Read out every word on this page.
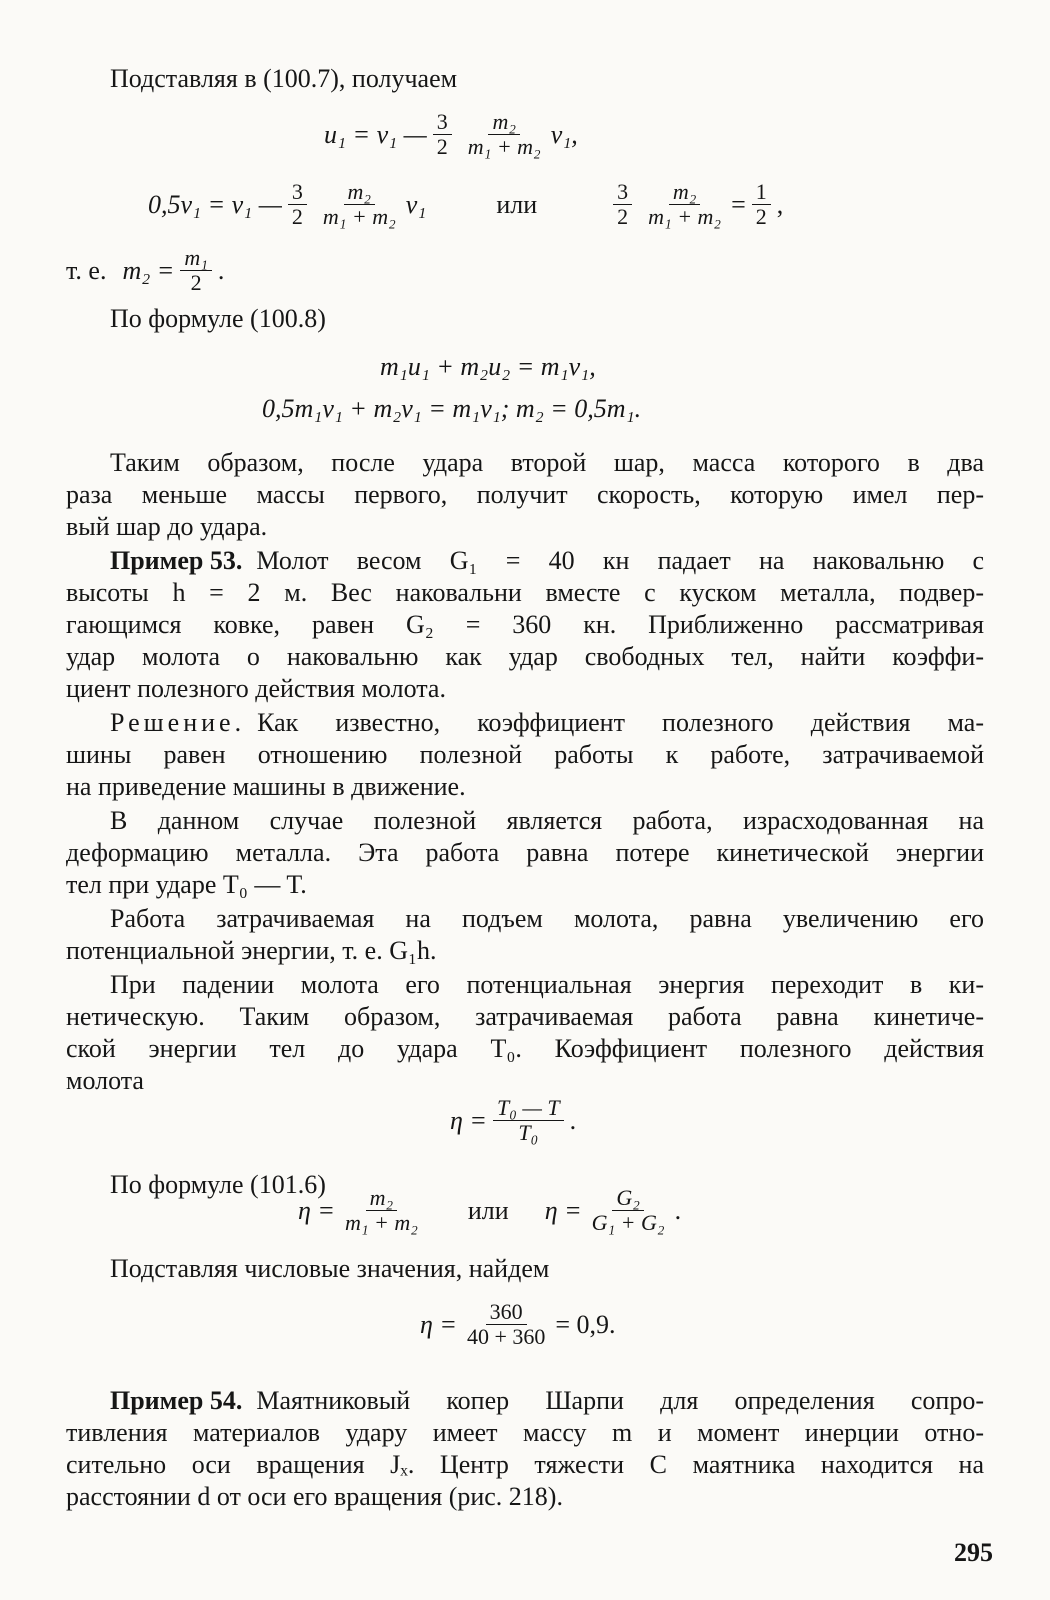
Подставляя в (100.7), получаем
u₁ = v₁ — $\frac{3}{2} \frac{\text{m₂}}{\text{m₁ + m₂}} v_1$,
0,5v₁ = v₁ — $\frac{3}{2} \frac{\text{m₂}}{\text{m₁ + m₂}} v_1$	или	$\frac{3}{2} \frac{\text{m₂}}{\text{m₁ + m₂}} = \frac{1}{2}$ ,
т. е. $m_2 = \frac{\text{m₁}}{2}$ .
По формуле (100.8)
m₁u₁ + m₂u₂ = m₁v₁,
0,5m₁v₁ + m₂v₁ = m₁v₁; m₂ = 0,5m₁.
Таким образом, после удара второй шар, масса которого в два
раза меньше массы первого, получит скорость, которую имел пер-
вый шар до удара.
Пример 53. Молот весом G₁ = 40 кн падает на наковальню с
высоты h = 2 м. Вес наковальни вместе с куском металла, подвер-
гающимся ковке, равен G₂ = 360 кн. Приближенно рассматривая
удар молота о наковальню как удар свободных тел, найти коэффи-
циент полезного действия молота.
Решение. Как известно, коэффициент полезного действия ма-
шины равен отношению полезной работы к работе, затрачиваемой
на приведение машины в движение.
В данном случае полезной является работа, израсходованная на
деформацию металла. Эта работа равна потере кинетической энергии
тел при ударе T₀ — T.
Работа затрачиваемая на подъем молота, равна увеличению его
потенциальной энергии, т. е. G₁h.
При падении молота его потенциальная энергия переходит в ки-
нетическую. Таким образом, затрачиваемая работа равна кинетиче-
ской энергии тел до удара T₀. Коэффициент полезного действия
молота
$\eta = \frac{\text{T₀ — T}}{\text{T₀}}$ .
По формуле (101.6)
$\eta = \frac{\text{m₂}}{\text{m₁ + m₂}}$ или $\eta = \frac{\text{G₂}}{\text{G₁ + G₂}}$ .
Подставляя числовые значения, найдем
$\eta = \frac{360}{40 + 360} = 0,9$.
Пример 54. Маятниковый копер Шарпи для определения сопро-
тивления материалов удару имеет массу m и момент инерции отно-
сительно оси вращения Jₓ. Центр тяжести C маятника находится на
расстоянии d от оси его вращения (рис. 218).
295
